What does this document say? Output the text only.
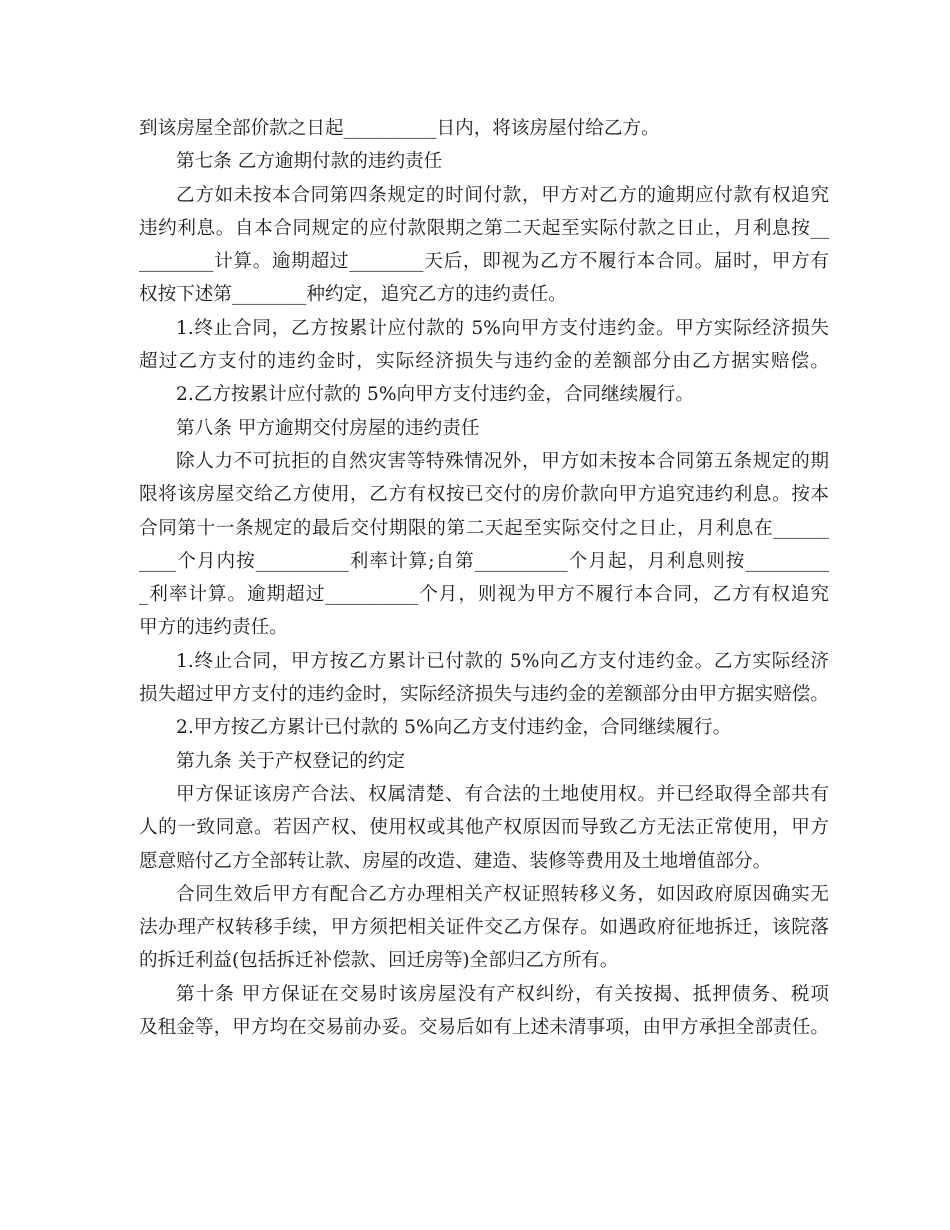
到该房屋全部价款之日起__________日内，将该房屋付给乙方。
第七条 乙方逾期付款的违约责任
乙方如未按本合同第四条规定的时间付款，甲方对乙方的逾期应付款有权追究
违约利息。自本合同规定的应付款限期之第二天起至实际付款之日止，月利息按__
________计算。逾期超过________天后，即视为乙方不履行本合同。届时，甲方有
权按下述第________种约定，追究乙方的违约责任。
1.终止合同，乙方按累计应付款的 5%向甲方支付违约金。甲方实际经济损失
超过乙方支付的违约金时，实际经济损失与违约金的差额部分由乙方据实赔偿。
2.乙方按累计应付款的 5%向甲方支付违约金，合同继续履行。
第八条 甲方逾期交付房屋的违约责任
除人力不可抗拒的自然灾害等特殊情况外，甲方如未按本合同第五条规定的期
限将该房屋交给乙方使用，乙方有权按已交付的房价款向甲方追究违约利息。按本
合同第十一条规定的最后交付期限的第二天起至实际交付之日止，月利息在______
____个月内按__________利率计算;自第__________个月起，月利息则按_________
_利率计算。逾期超过__________个月，则视为甲方不履行本合同，乙方有权追究
甲方的违约责任。
1.终止合同，甲方按乙方累计已付款的 5%向乙方支付违约金。乙方实际经济
损失超过甲方支付的违约金时，实际经济损失与违约金的差额部分由甲方据实赔偿。
2.甲方按乙方累计已付款的 5%向乙方支付违约金，合同继续履行。
第九条 关于产权登记的约定
甲方保证该房产合法、权属清楚、有合法的土地使用权。并已经取得全部共有
人的一致同意。若因产权、使用权或其他产权原因而导致乙方无法正常使用，甲方
愿意赔付乙方全部转让款、房屋的改造、建造、装修等费用及土地增值部分。
合同生效后甲方有配合乙方办理相关产权证照转移义务，如因政府原因确实无
法办理产权转移手续，甲方须把相关证件交乙方保存。如遇政府征地拆迁，该院落
的拆迁利益(包括拆迁补偿款、回迁房等)全部归乙方所有。
第十条 甲方保证在交易时该房屋没有产权纠纷，有关按揭、抵押债务、税项
及租金等，甲方均在交易前办妥。交易后如有上述未清事项，由甲方承担全部责任。
